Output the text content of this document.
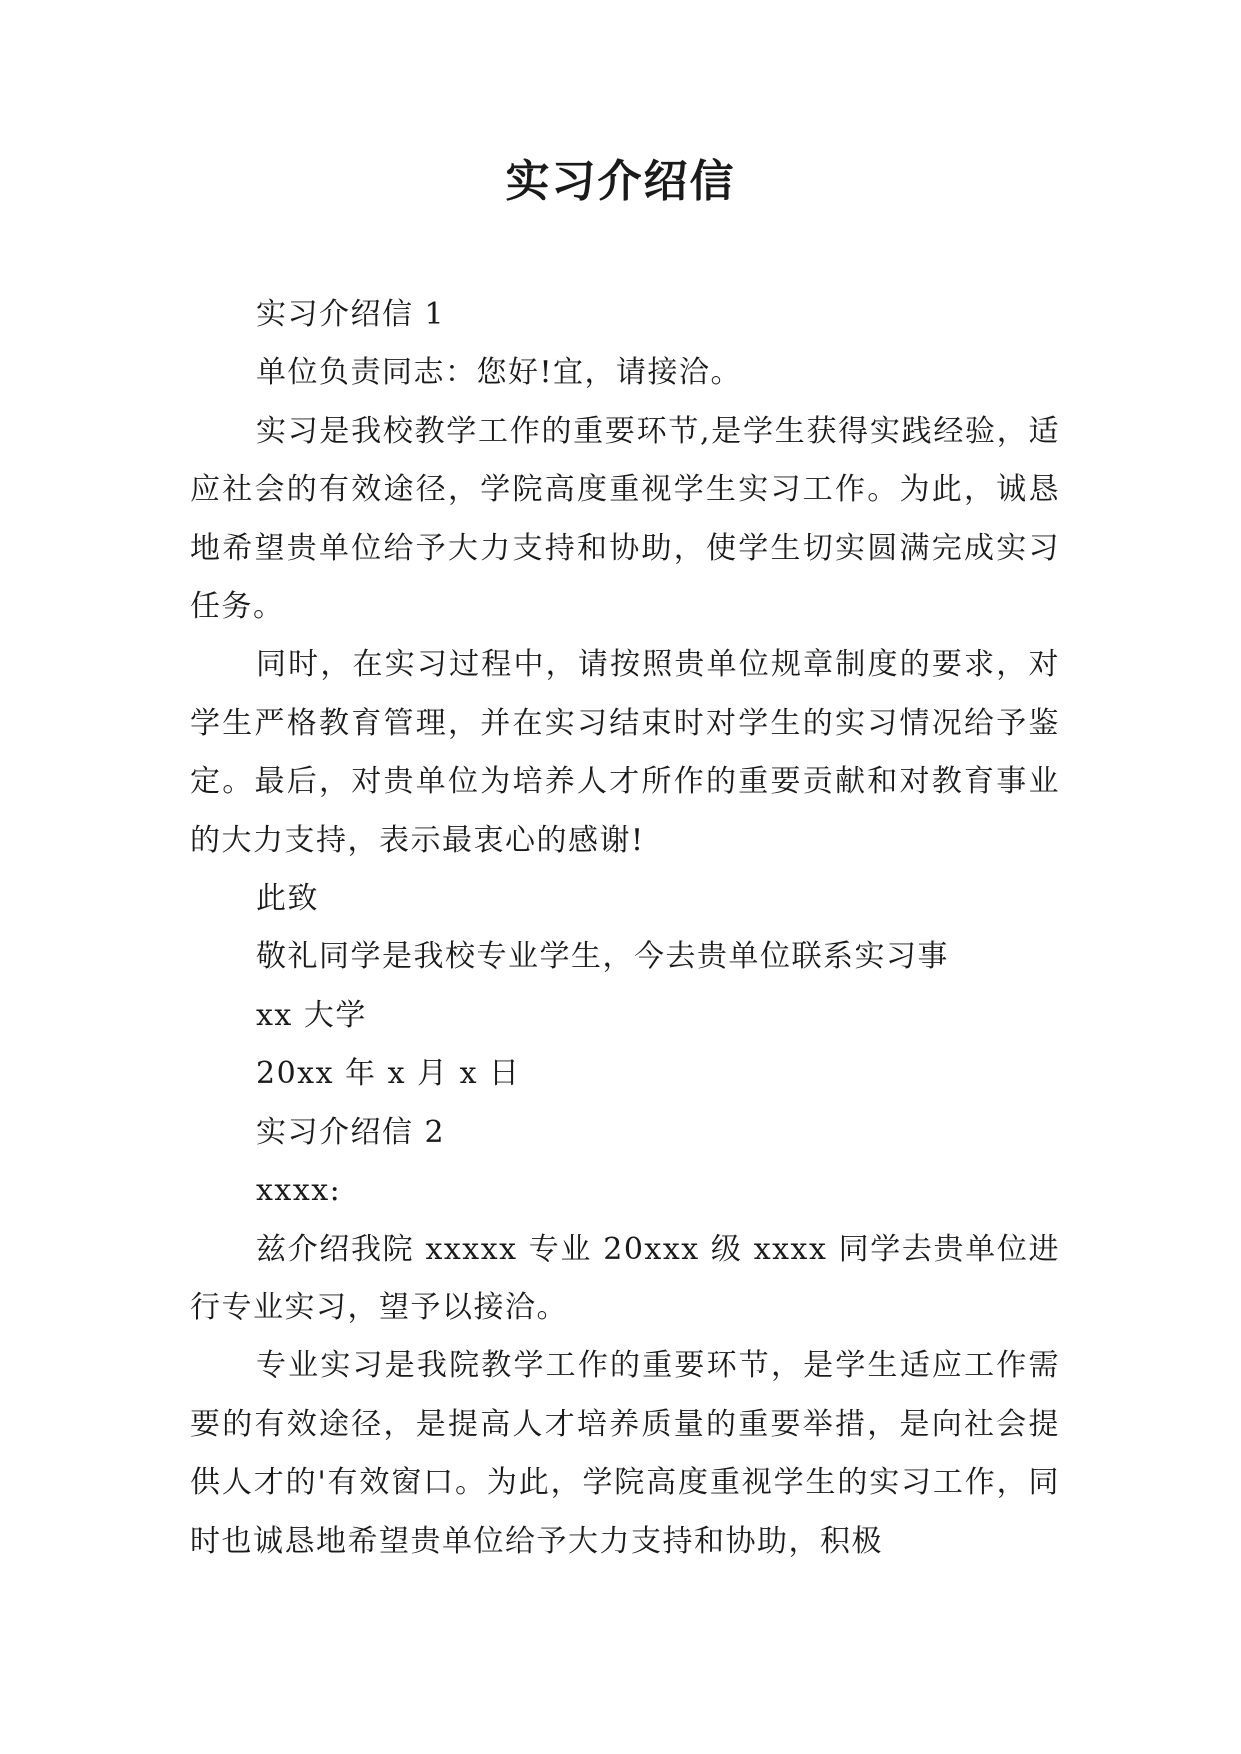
实习介绍信

实习介绍信 1

单位负责同志：您好!宜，请接洽。

实习是我校教学工作的重要环节,是学生获得实践经验，适应社会的有效途径，学院高度重视学生实习工作。为此，诚恳地希望贵单位给予大力支持和协助，使学生切实圆满完成实习任务。

同时，在实习过程中，请按照贵单位规章制度的要求，对学生严格教育管理，并在实习结束时对学生的实习情况给予鉴定。最后，对贵单位为培养人才所作的重要贡献和对教育事业的大力支持，表示最衷心的感谢!

此致

敬礼同学是我校专业学生，今去贵单位联系实习事

xx 大学

20xx 年 x 月 x 日

实习介绍信 2

xxxx:

兹介绍我院 xxxxx 专业 20xxx 级 xxxx 同学去贵单位进行专业实习，望予以接洽。

专业实习是我院教学工作的重要环节，是学生适应工作需要的有效途径，是提高人才培养质量的重要举措，是向社会提供人才的'有效窗口。为此，学院高度重视学生的实习工作，同时也诚恳地希望贵单位给予大力支持和协助，积极
